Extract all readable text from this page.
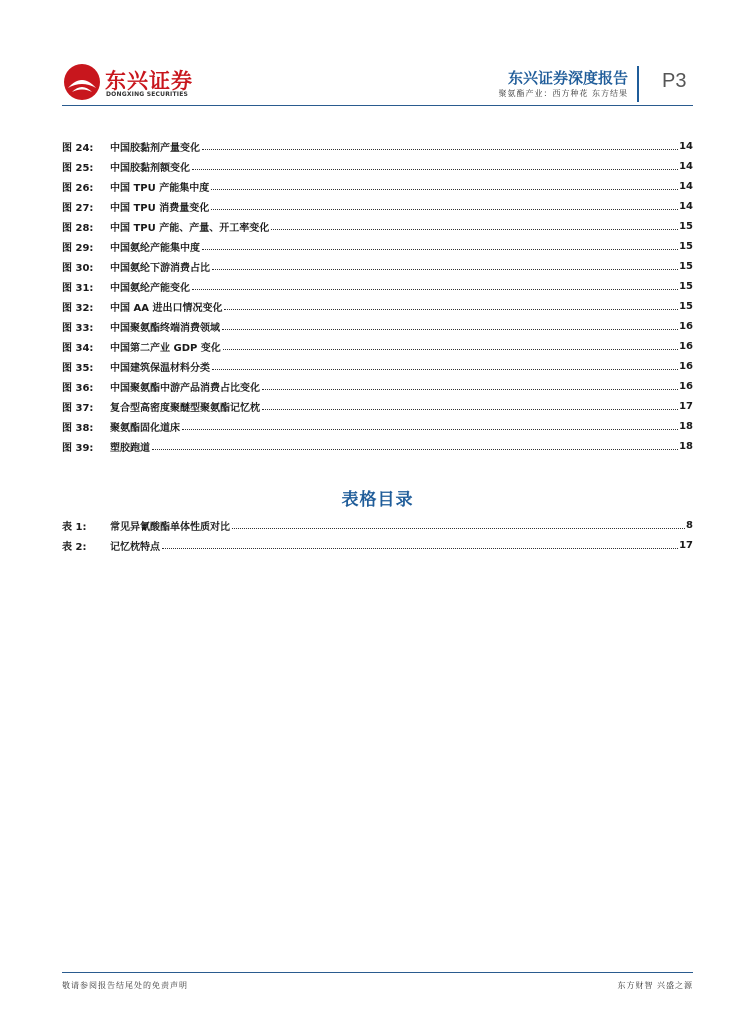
东兴证券
DONGXING SECURITIES
东兴证券深度报告
聚氨酯产业：西方种花 东方结果
P3
图 24:	中国胶黏剂产量变化	14
图 25:	中国胶黏剂额变化	14
图 26:	中国 TPU 产能集中度	14
图 27:	中国 TPU 消费量变化	14
图 28:	中国 TPU 产能、产量、开工率变化	15
图 29:	中国氨纶产能集中度	15
图 30:	中国氨纶下游消费占比	15
图 31:	中国氨纶产能变化	15
图 32:	中国 AA 进出口情况变化	15
图 33:	中国聚氨酯终端消费领域	16
图 34:	中国第二产业 GDP 变化	16
图 35:	中国建筑保温材料分类	16
图 36:	中国聚氨酯中游产品消费占比变化	16
图 37:	复合型高密度聚醚型聚氨酯记忆枕	17
图 38:	聚氨酯固化道床	18
图 39:	塑胶跑道	18
表格目录
表 1:	常见异氰酸酯单体性质对比	8
表 2:	记忆枕特点	17
敬请参阅报告结尾处的免责声明	东方财智 兴盛之源
